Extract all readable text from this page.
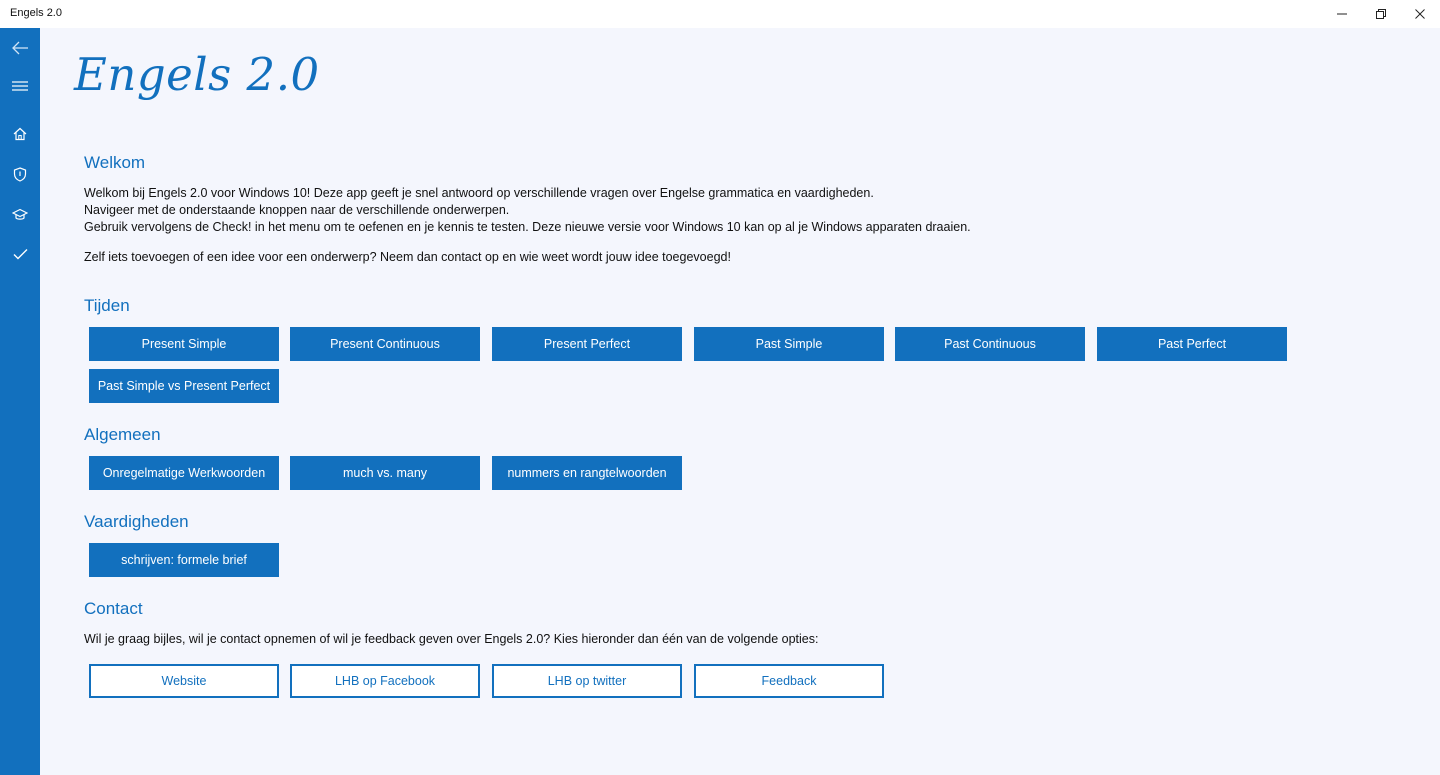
Engels 2.0
Engels 2.0
Welkom
Welkom bij Engels 2.0 voor Windows 10! Deze app geeft je snel antwoord op verschillende vragen over Engelse grammatica en vaardigheden.
Navigeer met de onderstaande knoppen naar de verschillende onderwerpen.
Gebruik vervolgens de Check! in het menu om te oefenen en je kennis te testen. Deze nieuwe versie voor Windows 10 kan op al je Windows apparaten draaien.
Zelf iets toevoegen of een idee voor een onderwerp? Neem dan contact op en wie weet wordt jouw idee toegevoegd!
Tijden
Present Simple	Present Continuous	Present Perfect	Past Simple	Past Continuous	Past Perfect
Past Simple vs Present Perfect
Algemeen
Onregelmatige Werkwoorden	much vs. many	nummers en rangtelwoorden
Vaardigheden
schrijven: formele brief
Contact
Wil je graag bijles, wil je contact opnemen of wil je feedback geven over Engels 2.0? Kies hieronder dan één van de volgende opties:
Website	LHB op Facebook	LHB op twitter	Feedback
